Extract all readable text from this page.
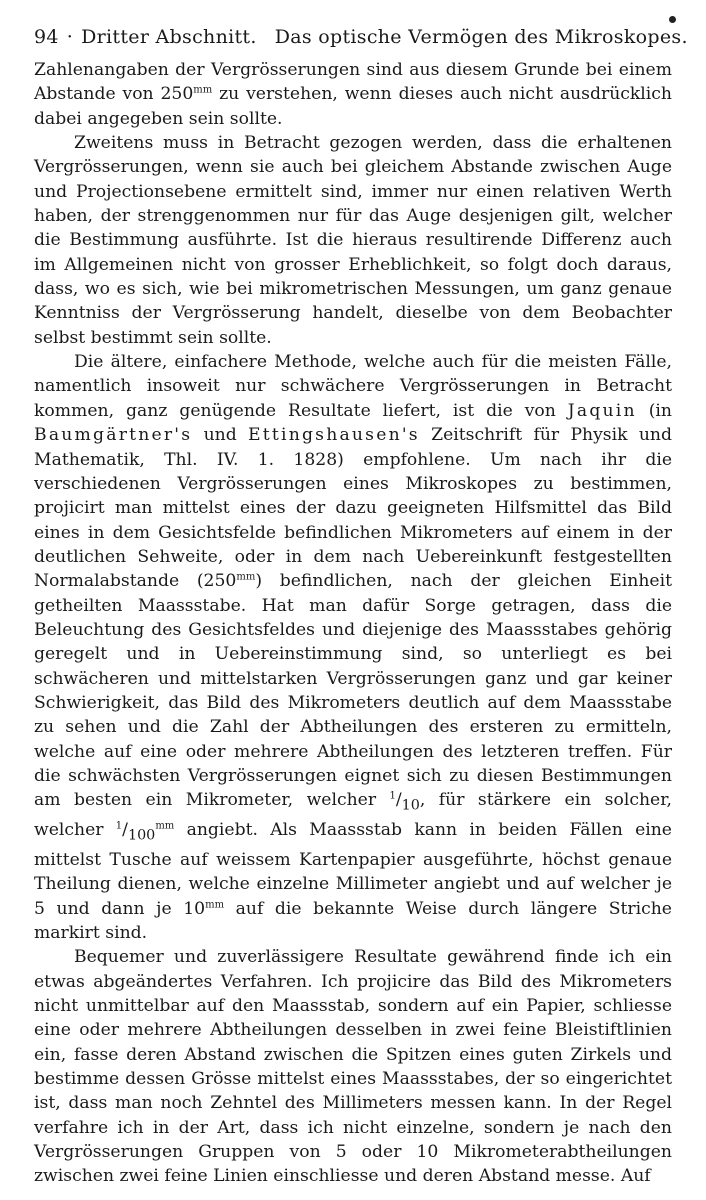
94 · Dritter Abschnitt. Das optische Vermögen des Mikroskopes.

Zahlenangaben der Vergrösserungen sind aus diesem Grunde bei einem Abstande von $250^{mm}$ zu verstehen, wenn dieses auch nicht ausdrücklich dabei angegeben sein sollte.

Zweitens muss in Betracht gezogen werden, dass die erhaltenen Vergrösserungen, wenn sie auch bei gleichem Abstande zwischen Auge und Projectionsebene ermittelt sind, immer nur einen relativen Werth haben, der strenggenommen nur für das Auge desjenigen gilt, welcher die Bestimmung ausführte. Ist die hieraus resultirende Differenz auch im Allgemeinen nicht von grosser Erheblichkeit, so folgt doch daraus, dass, wo es sich, wie bei mikrometrischen Messungen, um ganz genaue Kenntniss der Vergrösserung handelt, dieselbe von dem Beobachter selbst bestimmt sein sollte.

Die ältere, einfachere Methode, welche auch für die meisten Fälle, namentlich insoweit nur schwächere Vergrösserungen in Betracht kommen, ganz genügende Resultate liefert, ist die von Jaquin (in Baumgärtner's und Ettingshausen's Zeitschrift für Physik und Mathematik, Thl. IV. 1. 1828) empfohlene. Um nach ihr die verschiedenen Vergrösserungen eines Mikroskopes zu bestimmen, projicirt man mittelst eines der dazu geeigneten Hilfsmittel das Bild eines in dem Gesichtsfelde befindlichen Mikrometers auf einem in der deutlichen Sehweite, oder in dem nach Uebereinkunft festgestellten Normalabstande $(250^{mm})$ befindlichen, nach der gleichen Einheit getheilten Maassstabe. Hat man dafür Sorge getragen, dass die Beleuchtung des Gesichtsfeldes und diejenige des Maassstabes gehörig geregelt und in Uebereinstimmung sind, so unterliegt es bei schwächeren und mittelstarken Vergrösserungen ganz und gar keiner Schwierigkeit, das Bild des Mikrometers deutlich auf dem Maassstabe zu sehen und die Zahl der Abtheilungen des ersteren zu ermitteln, welche auf eine oder mehrere Abtheilungen des letzteren treffen. Für die schwächsten Vergrösserungen eignet sich zu diesen Bestimmungen am besten ein Mikrometer, welcher $^1/_{10}$, für stärkere ein solcher, welcher $^1/_{100}^{mm}$ angiebt. Als Maassstab kann in beiden Fällen eine mittelst Tusche auf weissem Kartenpapier ausgeführte, höchst genaue Theilung dienen, welche einzelne Millimeter angiebt und auf welcher je 5 und dann je $10^{mm}$ auf die bekannte Weise durch längere Striche markirt sind.

Bequemer und zuverlässigere Resultate gewährend finde ich ein etwas abgeändertes Verfahren. Ich projicire das Bild des Mikrometers nicht unmittelbar auf den Maassstab, sondern auf ein Papier, schliesse eine oder mehrere Abtheilungen desselben in zwei feine Bleistiftlinien ein, fasse deren Abstand zwischen die Spitzen eines guten Zirkels und bestimme dessen Grösse mittelst eines Maassstabes, der so eingerichtet ist, dass man noch Zehntel des Millimeters messen kann. In der Regel verfahre ich in der Art, dass ich nicht einzelne, sondern je nach den Vergrösserungen Gruppen von 5 oder 10 Mikrometerabtheilungen zwischen zwei feine Linien einschliesse und deren Abstand messe. Auf
